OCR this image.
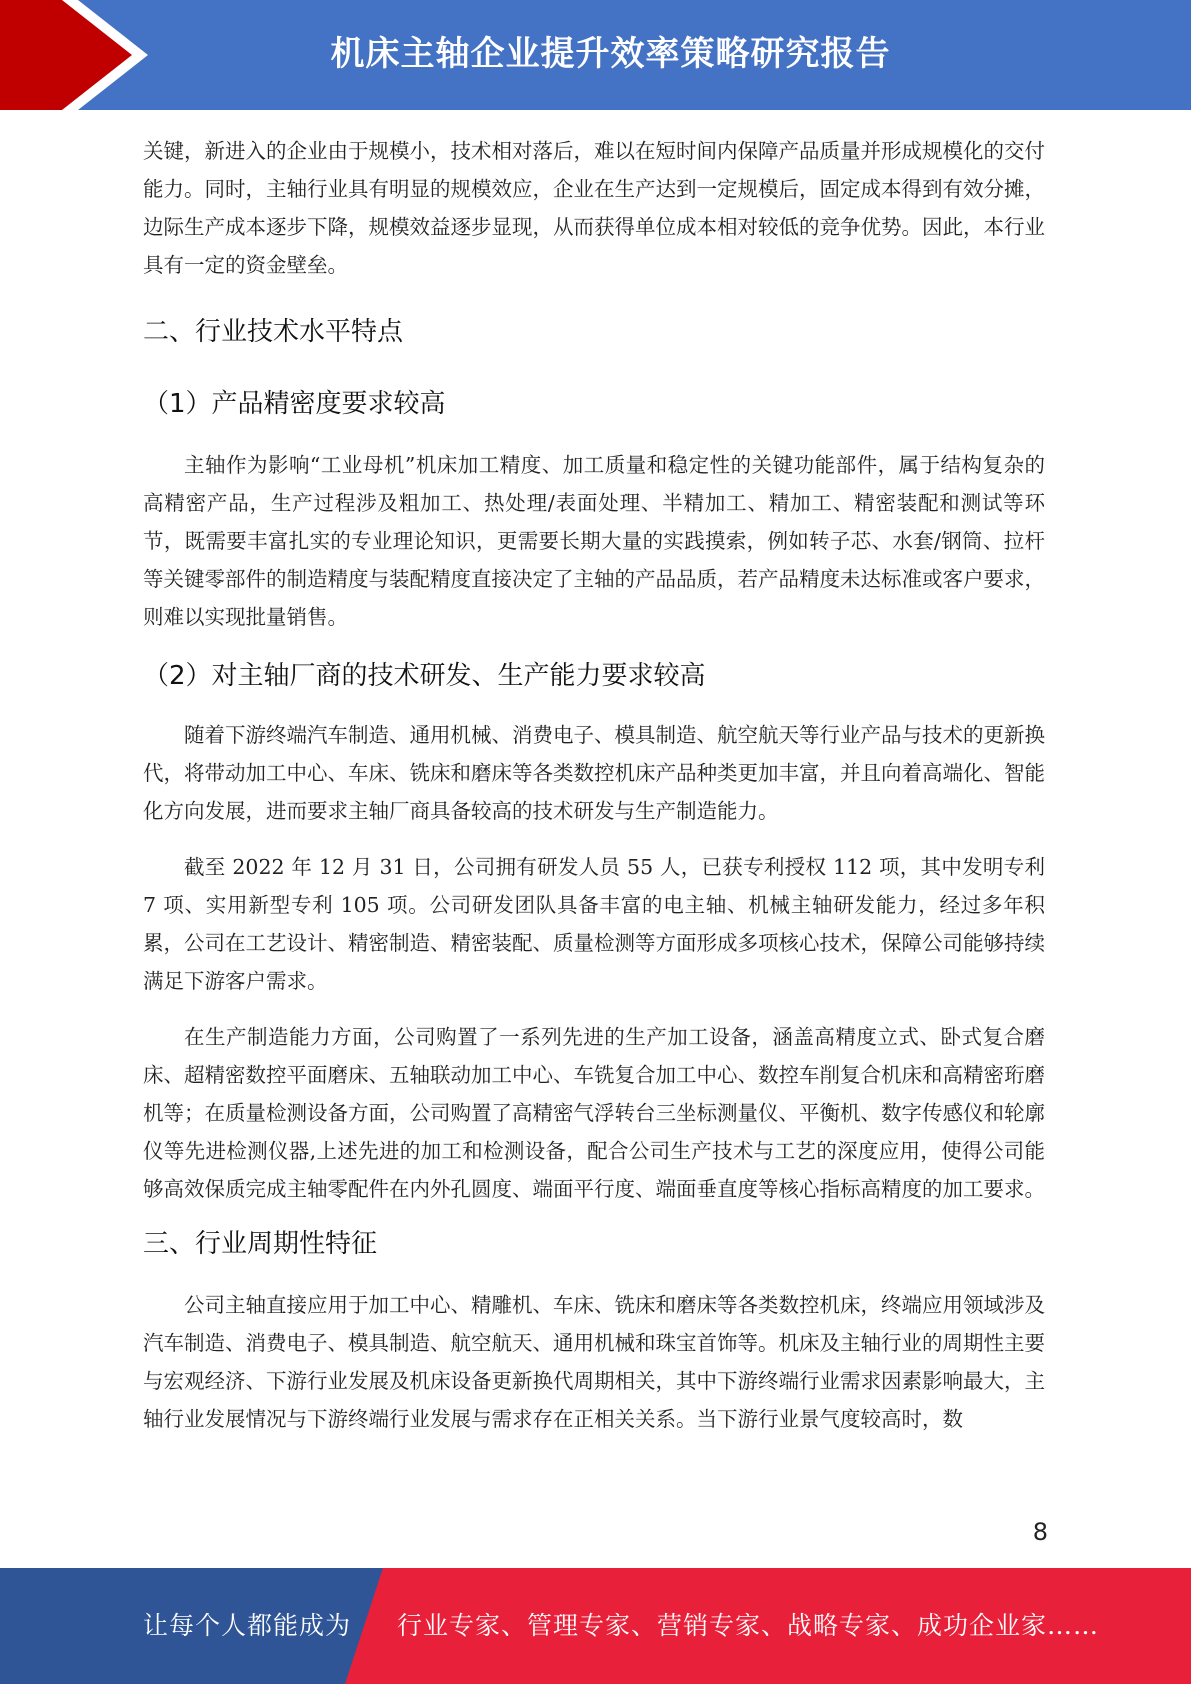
机床主轴企业提升效率策略研究报告

关键，新进入的企业由于规模小，技术相对落后，难以在短时间内保障产品质量并形成规模化的交付能力。同时，主轴行业具有明显的规模效应，企业在生产达到一定规模后，固定成本得到有效分摊，边际生产成本逐步下降，规模效益逐步显现，从而获得单位成本相对较低的竞争优势。因此，本行业具有一定的资金壁垒。

二、行业技术水平特点
（1）产品精密度要求较高

主轴作为影响“工业母机”机床加工精度、加工质量和稳定性的关键功能部件，属于结构复杂的高精密产品，生产过程涉及粗加工、热处理/表面处理、半精加工、精加工、精密装配和测试等环节，既需要丰富扎实的专业理论知识，更需要长期大量的实践摸索，例如转子芯、水套/钢筒、拉杆等关键零部件的制造精度与装配精度直接决定了主轴的产品品质，若产品精度未达标准或客户要求，则难以实现批量销售。

（2）对主轴厂商的技术研发、生产能力要求较高

随着下游终端汽车制造、通用机械、消费电子、模具制造、航空航天等行业产品与技术的更新换代，将带动加工中心、车床、铣床和磨床等各类数控机床产品种类更加丰富，并且向着高端化、智能化方向发展，进而要求主轴厂商具备较高的技术研发与生产制造能力。

截至 2022 年 12 月 31 日，公司拥有研发人员 55 人，已获专利授权 112 项，其中发明专利 7 项、实用新型专利 105 项。公司研发团队具备丰富的电主轴、机械主轴研发能力，经过多年积累，公司在工艺设计、精密制造、精密装配、质量检测等方面形成多项核心技术，保障公司能够持续满足下游客户需求。

在生产制造能力方面，公司购置了一系列先进的生产加工设备，涵盖高精度立式、卧式复合磨床、超精密数控平面磨床、五轴联动加工中心、车铣复合加工中心、数控车削复合机床和高精密珩磨机等；在质量检测设备方面，公司购置了高精密气浮转台三坐标测量仪、平衡机、数字传感仪和轮廓仪等先进检测仪器,上述先进的加工和检测设备，配合公司生产技术与工艺的深度应用，使得公司能够高效保质完成主轴零配件在内外孔圆度、端面平行度、端面垂直度等核心指标高精度的加工要求。

三、行业周期性特征

公司主轴直接应用于加工中心、精雕机、车床、铣床和磨床等各类数控机床，终端应用领域涉及汽车制造、消费电子、模具制造、航空航天、通用机械和珠宝首饰等。机床及主轴行业的周期性主要与宏观经济、下游行业发展及机床设备更新换代周期相关，其中下游终端行业需求因素影响最大，主轴行业发展情况与下游终端行业发展与需求存在正相关关系。当下游行业景气度较高时，数

8
让每个人都能成为 行业专家、管理专家、营销专家、战略专家、成功企业家……
